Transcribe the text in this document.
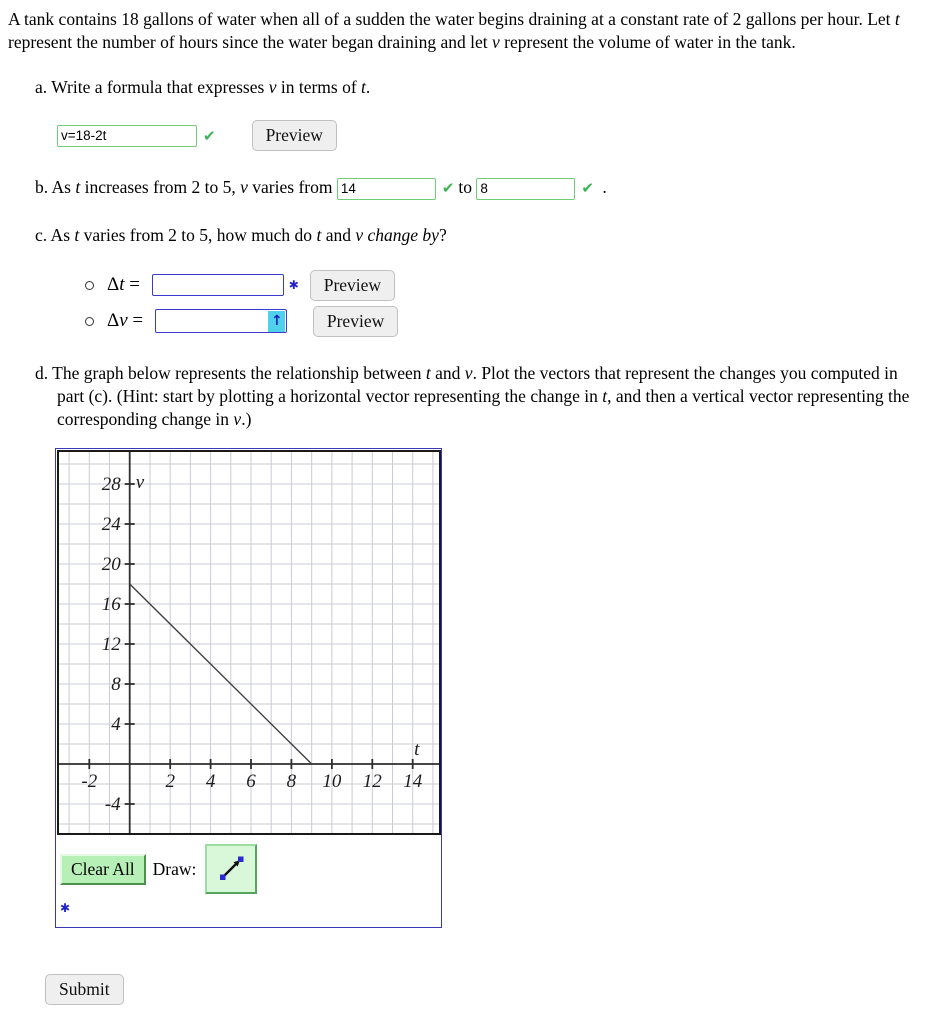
A tank contains 18 gallons of water when all of a sudden the water begins draining at a constant rate of 2 gallons per hour. Let t represent the number of hours since the water began draining and let v represent the volume of water in the tank.

a. Write a formula that expresses v in terms of t.

v=18-2t
✔	Preview

b. As t increases from 2 to 5, v varies from 14	✔ to 8	✔ .

c. As t varies from 2 to 5, how much do t and v change by?

Δt =	✱	Preview
Δv =	↑	Preview

d. The graph below represents the relationship between t and v. Plot the vectors that represent the changes you computed in part (c). (Hint: start by plotting a horizontal vector representing the change in t, and then a vertical vector representing the corresponding change in v.)

-2	2 4 6 8 10 12 14
-4
4
8
12
16
20
24
28
t
v
Clear All	Draw:
✱
Submit
